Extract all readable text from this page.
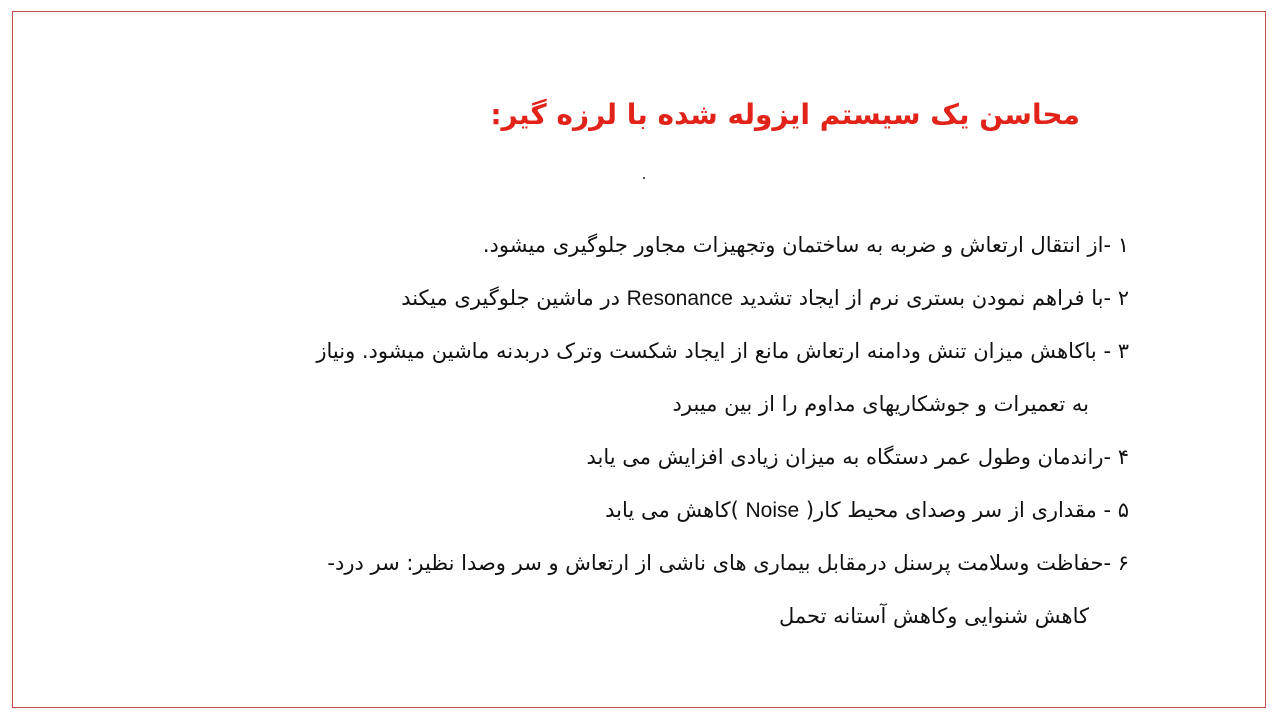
محاسن یک سیستم ایزوله شده با لرزه گیر:
۱ -از انتقال ارتعاش و ضربه به ساختمان وتجهیزات مجاور جلوگیری میشود.
۲ -با فراهم نمودن بستری نرم از ایجاد تشدید Resonance در ماشین جلوگیری میکند
۳ - باکاهش میزان تنش ودامنه ارتعاش مانع از ایجاد شکست وترک دربدنه ماشین میشود. ونیاز
به تعمیرات و جوشکاریهای مداوم را از بین میبرد
۴ -راندمان وطول عمر دستگاه به میزان زیادی افزایش می یابد
۵ - مقداری از سر وصدای محیط کار( Noise )کاهش می یابد
۶ -حفاظت وسلامت پرسنل درمقابل بیماری های ناشی از ارتعاش و سر وصدا نظیر: سر درد-
کاهش شنوایی وکاهش آستانه تحمل
